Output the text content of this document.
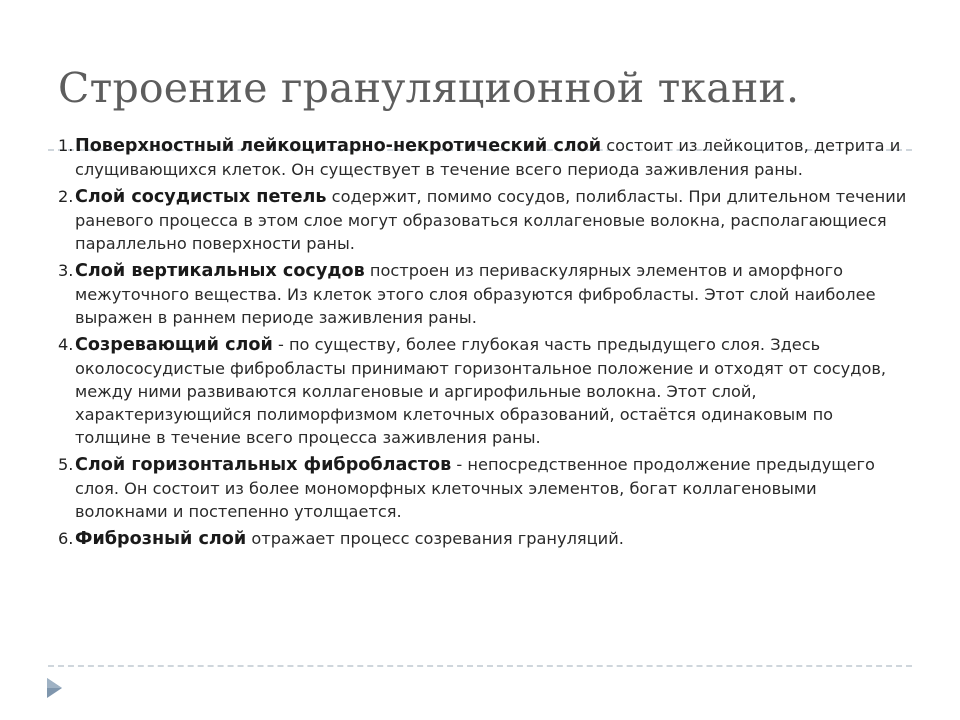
Строение грануляционной ткани.
1. Поверхностный лейкоцитарно-некротический слой состоит из лейкоцитов, детрита и слущивающихся клеток. Он существует в течение всего периода заживления раны.
2. Слой сосудистых петель содержит, помимо сосудов, полибласты. При длительном течении раневого процесса в этом слое могут образоваться коллагеновые волокна, располагающиеся параллельно поверхности раны.
3. Слой вертикальных сосудов построен из периваскулярных элементов и аморфного межуточного вещества. Из клеток этого слоя образуются фибробласты. Этот слой наиболее выражен в раннем периоде заживления раны.
4. Созревающий слой - по существу, более глубокая часть предыдущего слоя. Здесь околососудистые фибробласты принимают горизонтальное положение и отходят от сосудов, между ними развиваются коллагеновые и аргирофильные волокна. Этот слой, характеризующийся полиморфизмом клеточных образований, остаётся одинаковым по толщине в течение всего процесса заживления раны.
5. Слой горизонтальных фибробластов - непосредственное продолжение предыдущего слоя. Он состоит из более мономорфных клеточных элементов, богат коллагеновыми волокнами и постепенно утолщается.
6. Фиброзный слой отражает процесс созревания грануляций.
